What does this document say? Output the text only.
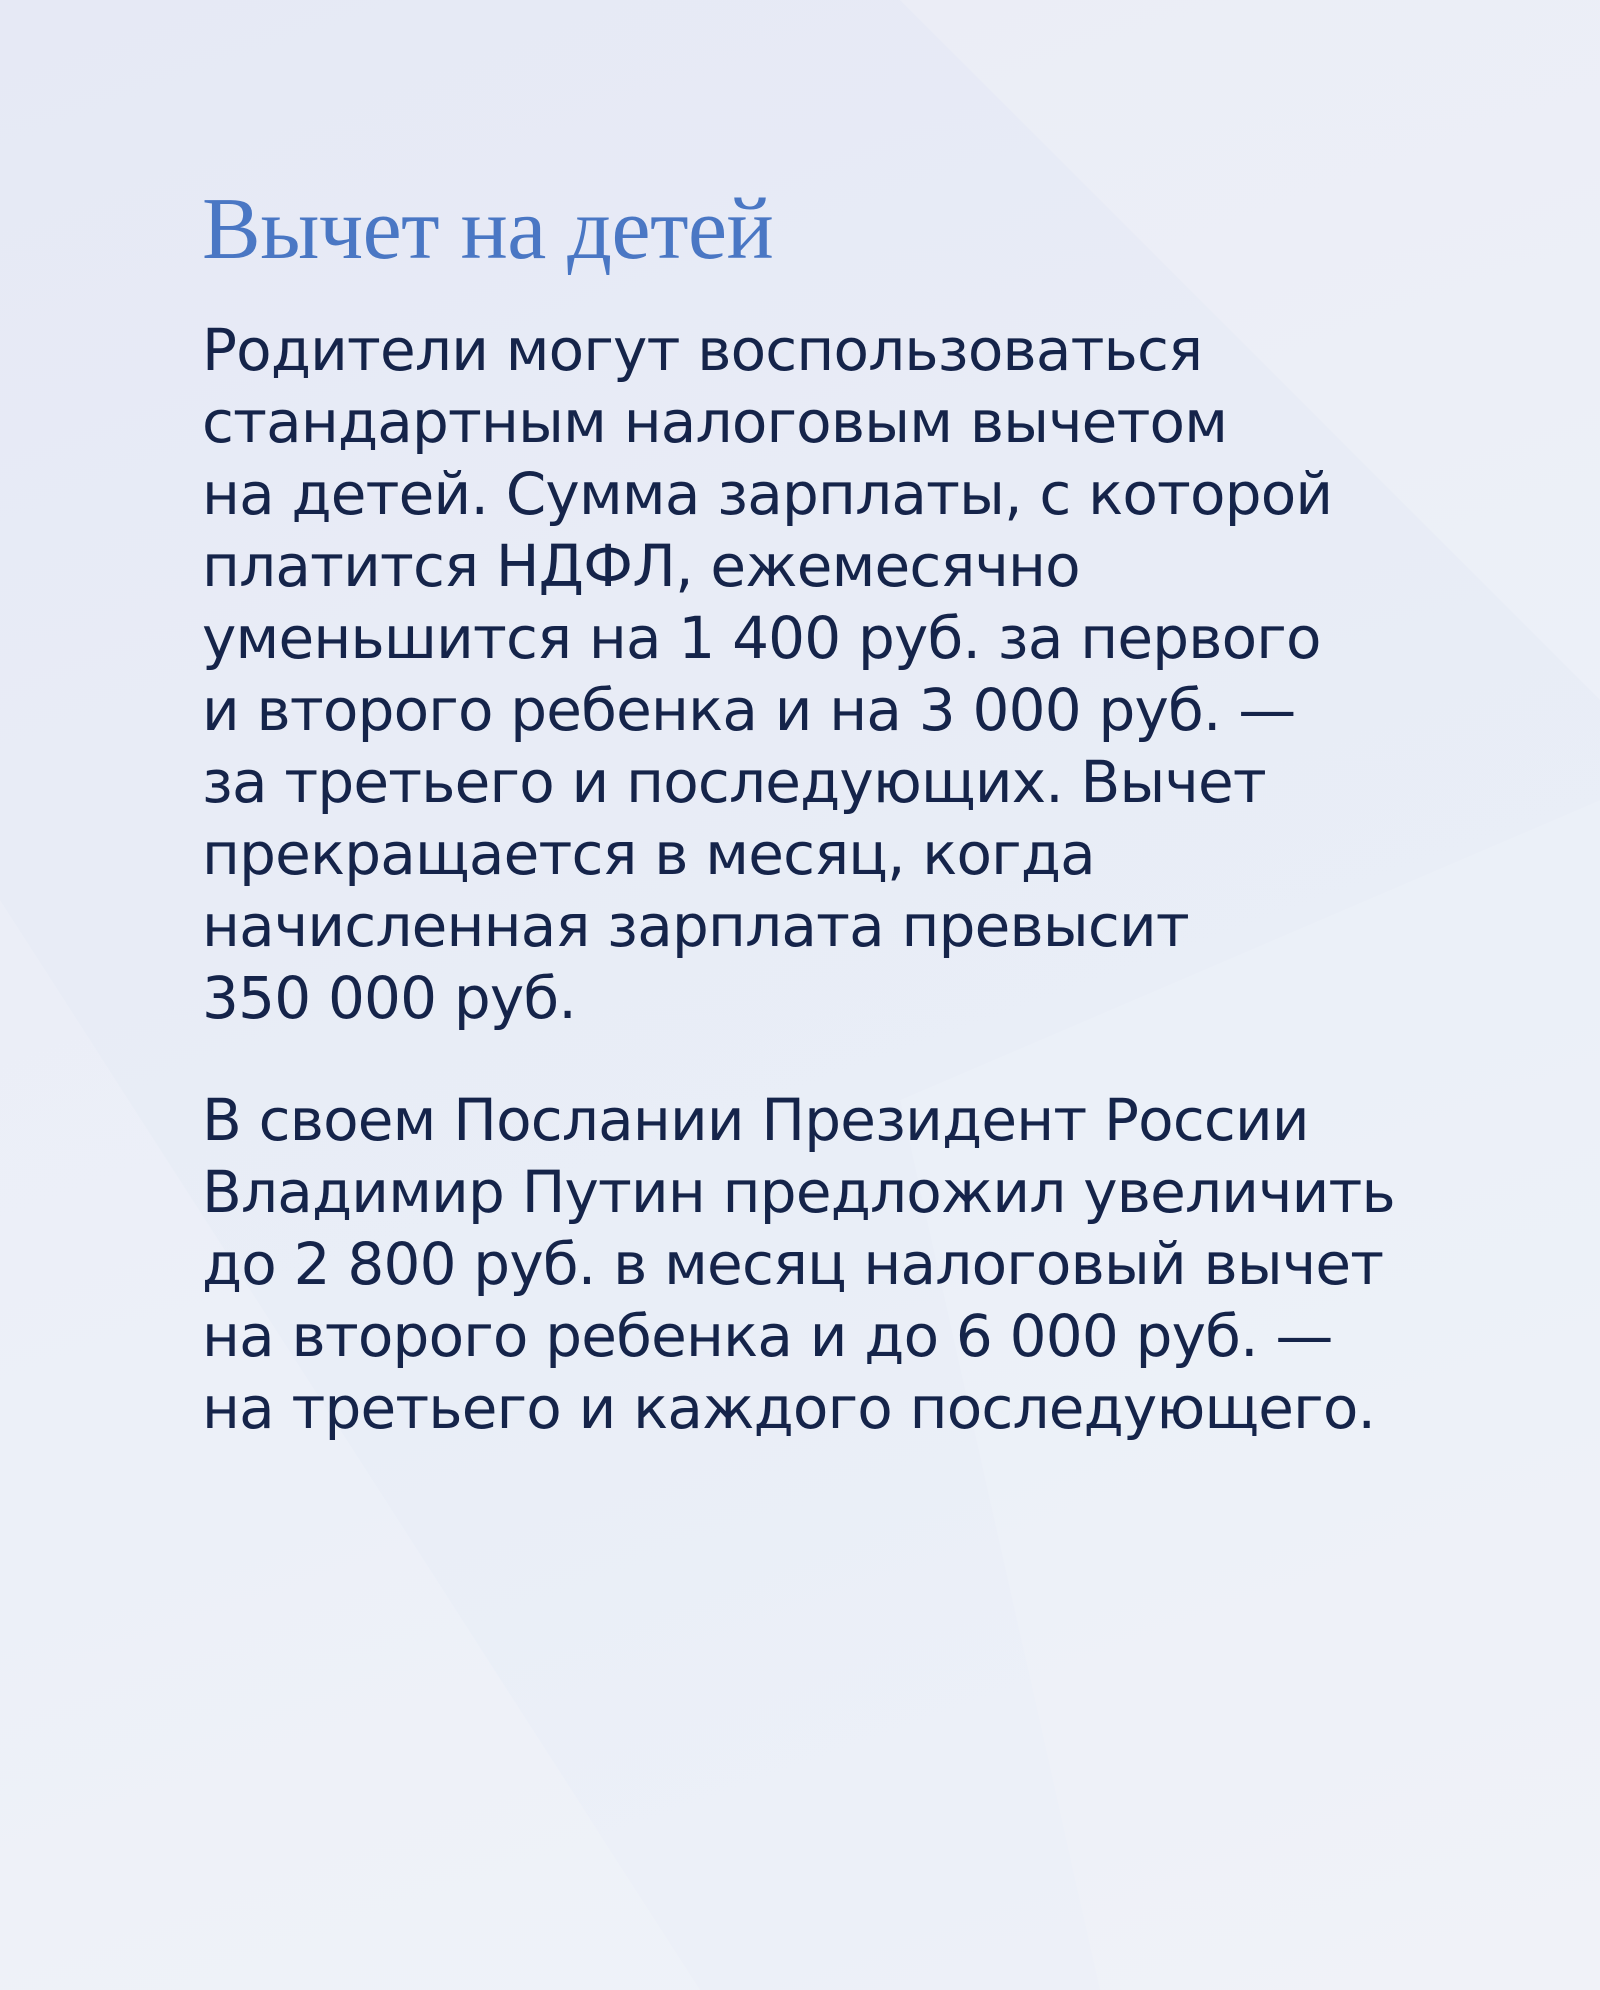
Вычет на детей

Родители могут воспользоваться
стандартным налоговым вычетом
на детей. Сумма зарплаты, с которой
платится НДФЛ, ежемесячно
уменьшится на 1 400 руб. за первого
и второго ребенка и на 3 000 руб. —
за третьего и последующих. Вычет
прекращается в месяц, когда
начисленная зарплата превысит
350 000 руб.

В своем Послании Президент России
Владимир Путин предложил увеличить
до 2 800 руб. в месяц налоговый вычет
на второго ребенка и до 6 000 руб. —
на третьего и каждого последующего.
